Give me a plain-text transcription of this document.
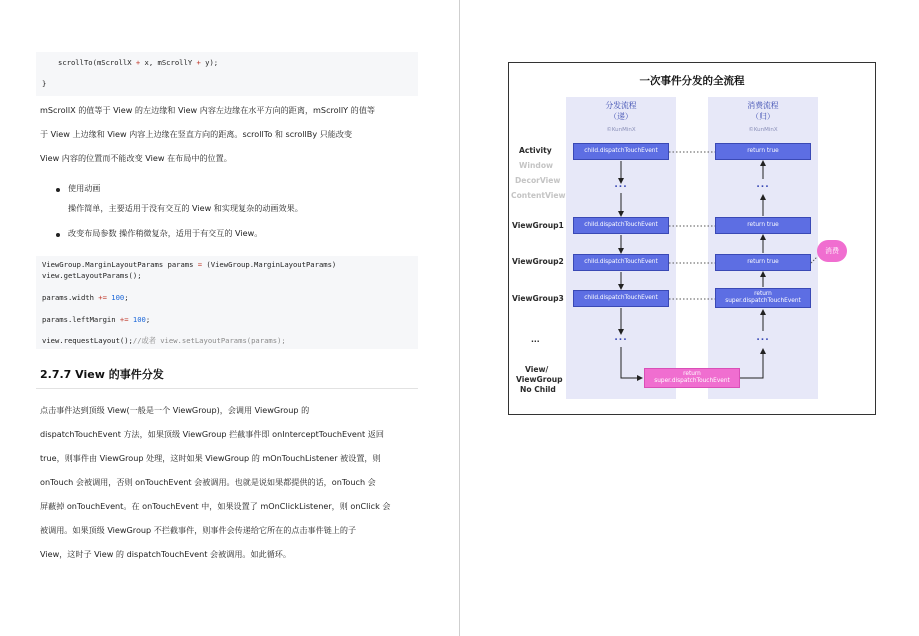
scrollTo(mScrollX + x, mScrollY + y);
}
mScrollX 的值等于 View 的左边缘和 View 内容左边缘在水平方向的距离，mScrollY 的值等
于 View 上边缘和 View 内容上边缘在竖直方向的距离。scrollTo 和 scrollBy 只能改变
View 内容的位置而不能改变 View 在布局中的位置。
使用动画
操作简单，主要适用于没有交互的 View 和实现复杂的动画效果。
改变布局参数 操作稍微复杂，适用于有交互的 View。
ViewGroup.MarginLayoutParams params = (ViewGroup.MarginLayoutParams)
view.getLayoutParams();
params.width += 100;
params.leftMargin += 100;
view.requestLayout();//或者 view.setLayoutParams(params);
2.7.7 View 的事件分发
点击事件达到顶级 View(一般是一个 ViewGroup)，会调用 ViewGroup 的
dispatchTouchEvent 方法，如果顶级 ViewGroup 拦截事件即 onInterceptTouchEvent 返回
true，则事件由 ViewGroup 处理，这时如果 ViewGroup 的 mOnTouchListener 被设置，则
onTouch 会被调用，否则 onTouchEvent 会被调用。也就是说如果都提供的话，onTouch 会
屏蔽掉 onTouchEvent。在 onTouchEvent 中，如果设置了 mOnClickListener，则 onClick 会
被调用。如果顶级 ViewGroup 不拦截事件，则事件会传递给它所在的点击事件链上的子
View，这时子 View 的 dispatchTouchEvent 会被调用。如此循环。
一次事件分发的全流程
分发流程
（递）
©KunMinX
消费流程
（归）
©KunMinX
Activity
Window
DecorView
ContentView
ViewGroup1
ViewGroup2
ViewGroup3
...
View/
ViewGroup
No Child
child.dispatchTouchEvent
...
child.dispatchTouchEvent
child.dispatchTouchEvent
child.dispatchTouchEvent
...
return true
...
return true
return true
return
super.dispatchTouchEvent
...
return
super.dispatchTouchEvent
消费
